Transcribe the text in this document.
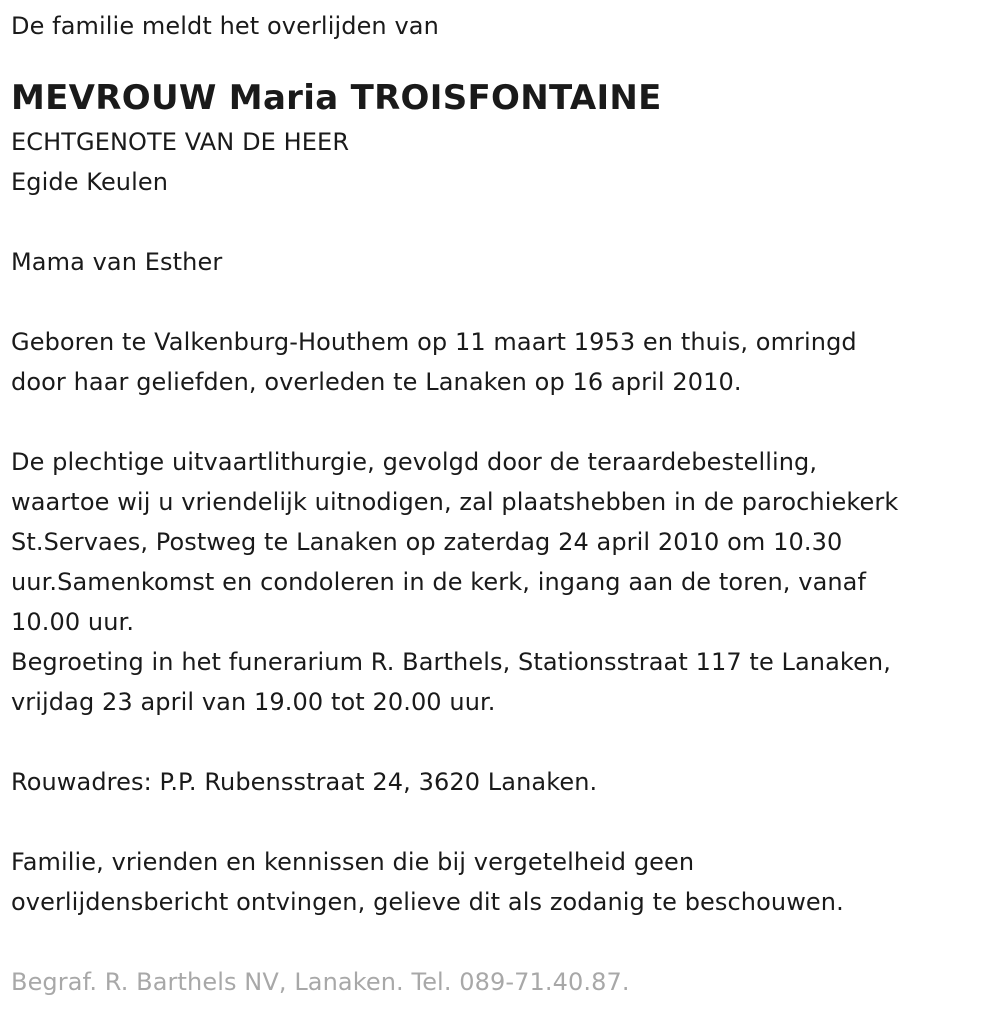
De familie meldt het overlijden van
MEVROUW Maria TROISFONTAINE
ECHTGENOTE VAN DE HEER
Egide Keulen
Mama van Esther
Geboren te Valkenburg-Houthem op 11 maart 1953 en thuis, omringd
door haar geliefden, overleden te Lanaken op 16 april 2010.
De plechtige uitvaartlithurgie, gevolgd door de teraardebestelling,
waartoe wij u vriendelijk uitnodigen, zal plaatshebben in de parochiekerk
St.Servaes, Postweg te Lanaken op zaterdag 24 april 2010 om 10.30
uur.Samenkomst en condoleren in de kerk, ingang aan de toren, vanaf
10.00 uur.
Begroeting in het funerarium R. Barthels, Stationsstraat 117 te Lanaken,
vrijdag 23 april van 19.00 tot 20.00 uur.
Rouwadres: P.P. Rubensstraat 24, 3620 Lanaken.
Familie, vrienden en kennissen die bij vergetelheid geen
overlijdensbericht ontvingen, gelieve dit als zodanig te beschouwen.
Begraf. R. Barthels NV, Lanaken. Tel. 089-71.40.87.
